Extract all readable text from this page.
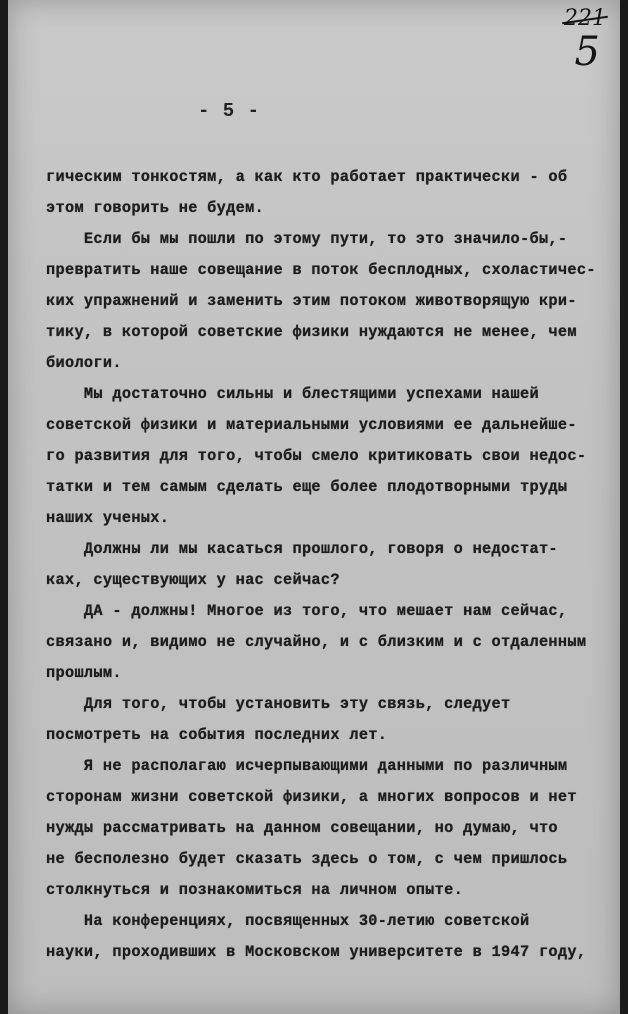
221
5
- 5 -
гическим тонкостям, а как кто работает практически - об
этом говорить не будем.
Если бы мы пошли по этому пути, то это значило-бы,-
превратить наше совещание в поток бесплодных, схоластичес-
ких упражнений и заменить этим потоком животворящую кри-
тику, в которой советские физики нуждаются не менее, чем
биологи.
Мы достаточно сильны и блестящими успехами нашей
советской физики и материальными условиями ее дальнейше-
го развития для того, чтобы смело критиковать свои недос-
татки и тем самым сделать еще более плодотворными труды
наших ученых.
Должны ли мы касаться прошлого, говоря о недостат-
ках, существующих у нас сейчас?
ДА - должны! Многое из того, что мешает нам сейчас,
связано и, видимо не случайно, и с близким и с отдаленным
прошлым.
Для того, чтобы установить эту связь, следует
посмотреть на события последних лет.
Я не располагаю исчерпывающими данными по различным
сторонам жизни советской физики, а многих вопросов и нет
нужды рассматривать на данном совещании, но думаю, что
не бесполезно будет сказать здесь о том, с чем пришлось
столкнуться и познакомиться на личном опыте.
На конференциях, посвященных 30-летию советской
науки, проходивших в Московском университете в 1947 году,
